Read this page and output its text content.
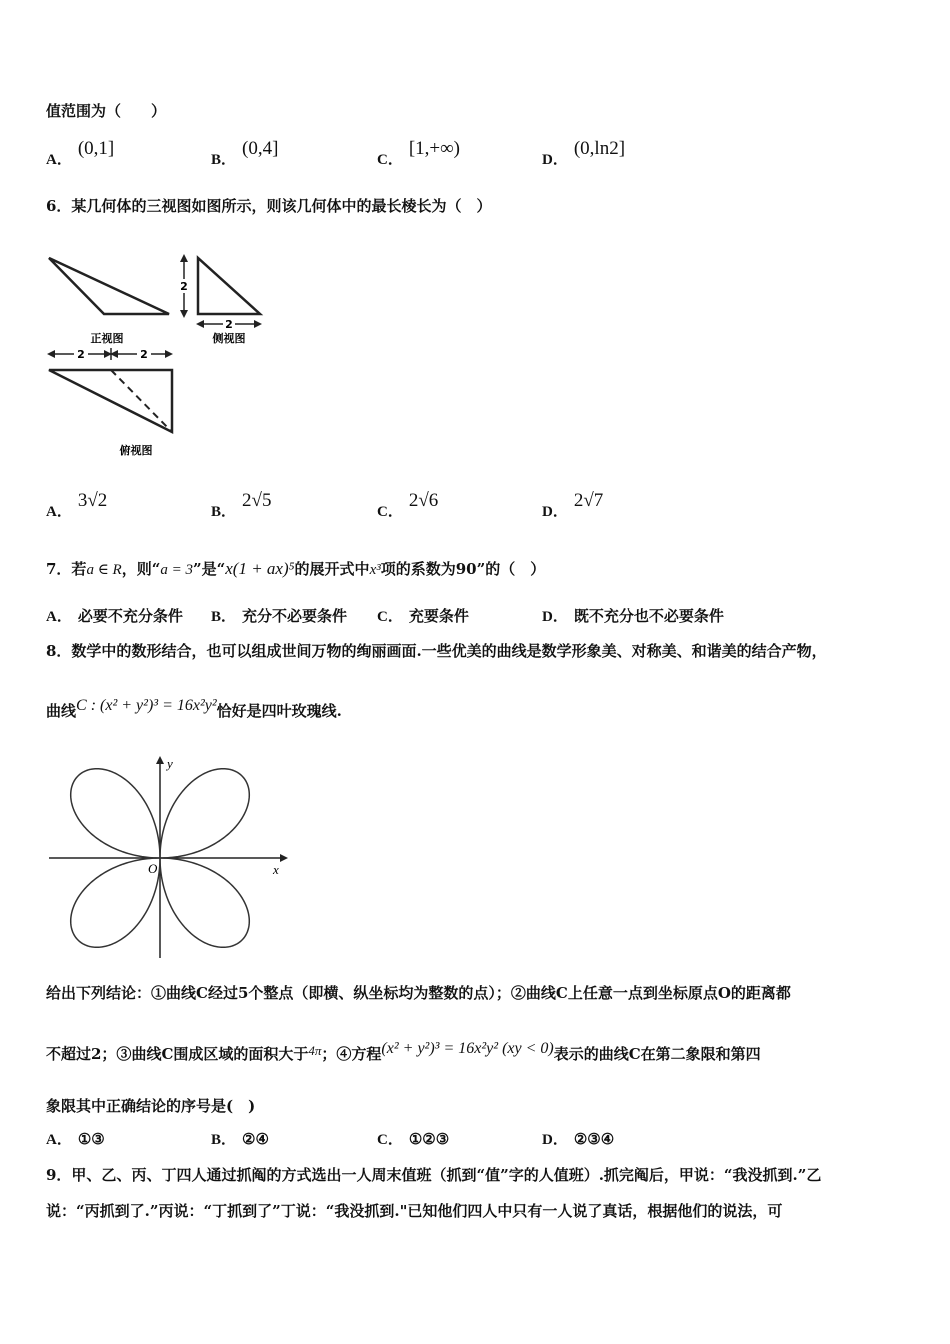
值范围为（　　）
A．(0,1]
B．(0,4]
C．[1,+∞)
D．(0,ln2]
6．某几何体的三视图如图所示，则该几何体中的最长棱长为（　）
正视图
2
2
侧视图
2	2
俯视图
A．3√2
B．2√5
C．2√6
D．2√7
7．若a ∈ R，则“a = 3”是“x(1 + ax)⁵的展开式中x³项的系数为90”的（　）
A． 必要不充分条件 B． 充分不必要条件 C． 充要条件	D． 既不充分也不必要条件
8．数学中的数形结合，也可以组成世间万物的绚丽画面.一些优美的曲线是数学形象美、对称美、和谐美的结合产物，
曲线C : (x² + y²)³ = 16x²y²恰好是四叶玫瑰线.
x
y
O
给出下列结论：①曲线C经过5个整点（即横、纵坐标均为整数的点）；②曲线C上任意一点到坐标原点O的距离都
不超过2；③曲线C围成区域的面积大于4π；④方程(x² + y²)³ = 16x²y² (xy < 0)表示的曲线C在第二象限和第四
象限其中正确结论的序号是(　)
A． ①③	B． ②④	C． ①②③	D． ②③④
9．甲、乙、丙、丁四人通过抓阄的方式选出一人周末值班（抓到“值”字的人值班）.抓完阄后，甲说：“我没抓到.”乙
说：“丙抓到了.”丙说：“丁抓到了”丁说：“我没抓到."已知他们四人中只有一人说了真话，根据他们的说法，可
